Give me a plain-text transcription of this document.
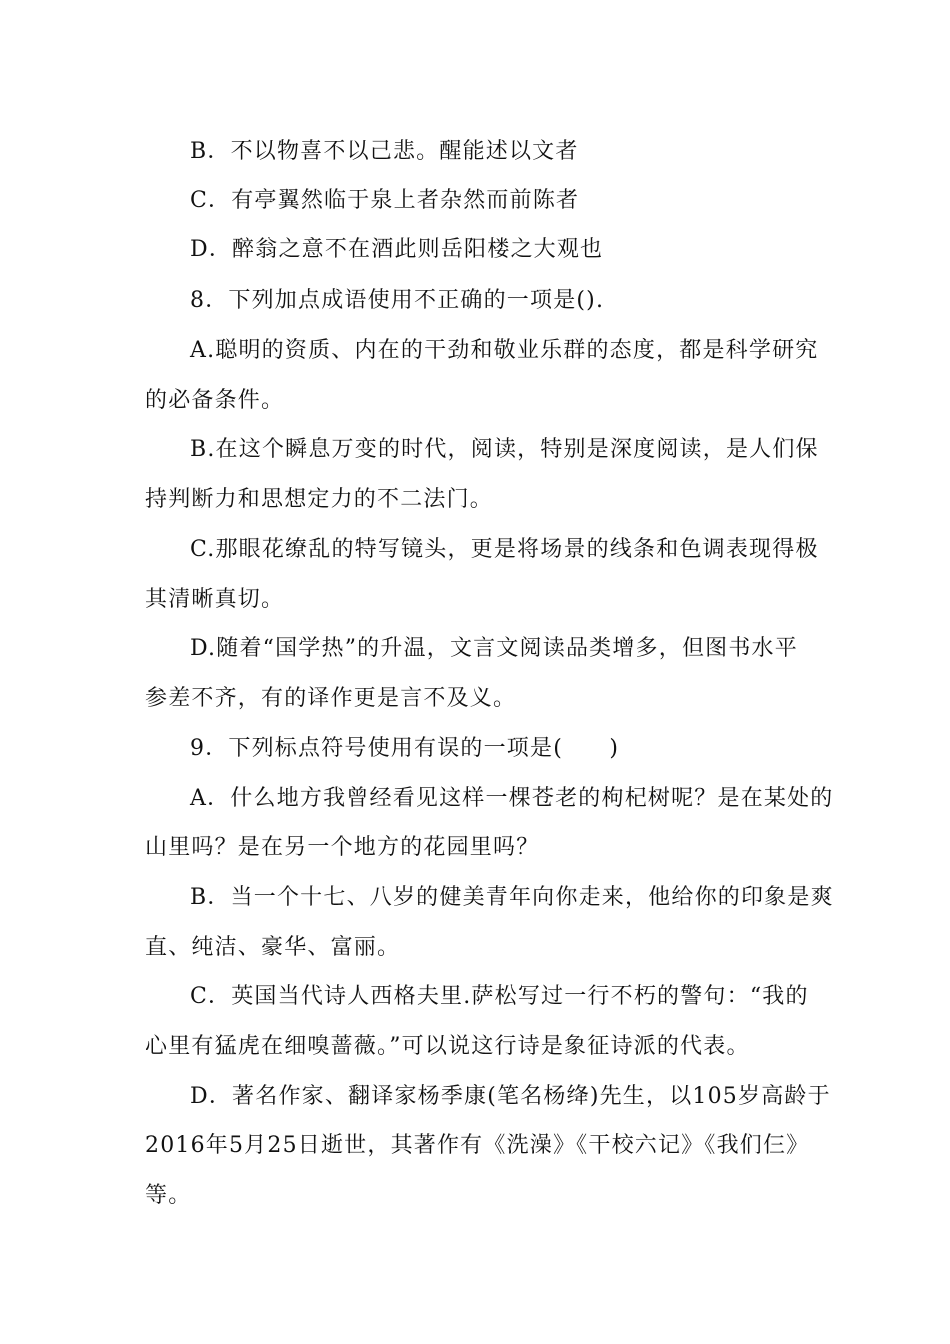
B．不以物喜不以己悲。醒能述以文者
C．有亭翼然临于泉上者杂然而前陈者
D．醉翁之意不在酒此则岳阳楼之大观也
8．下列加点成语使用不正确的一项是().
A.聪明的资质、内在的干劲和敬业乐群的态度，都是科学研究
的必备条件。
B.在这个瞬息万变的时代，阅读，特别是深度阅读，是人们保
持判断力和思想定力的不二法门。
C.那眼花缭乱的特写镜头，更是将场景的线条和色调表现得极
其清晰真切。
D.随着“国学热”的升温，文言文阅读品类增多，但图书水平
参差不齐，有的译作更是言不及义。
9．下列标点符号使用有误的一项是(　　)
A．什么地方我曾经看见这样一棵苍老的枸杞树呢？是在某处的
山里吗？是在另一个地方的花园里吗？
B．当一个十七、八岁的健美青年向你走来，他给你的印象是爽
直、纯洁、豪华、富丽。
C．英国当代诗人西格夫里.萨松写过一行不朽的警句：“我的
心里有猛虎在细嗅蔷薇。”可以说这行诗是象征诗派的代表。
D．著名作家、翻译家杨季康(笔名杨绛)先生，以105岁高龄于
2016年5月25日逝世，其著作有《洗澡》《干校六记》《我们仨》
等。
